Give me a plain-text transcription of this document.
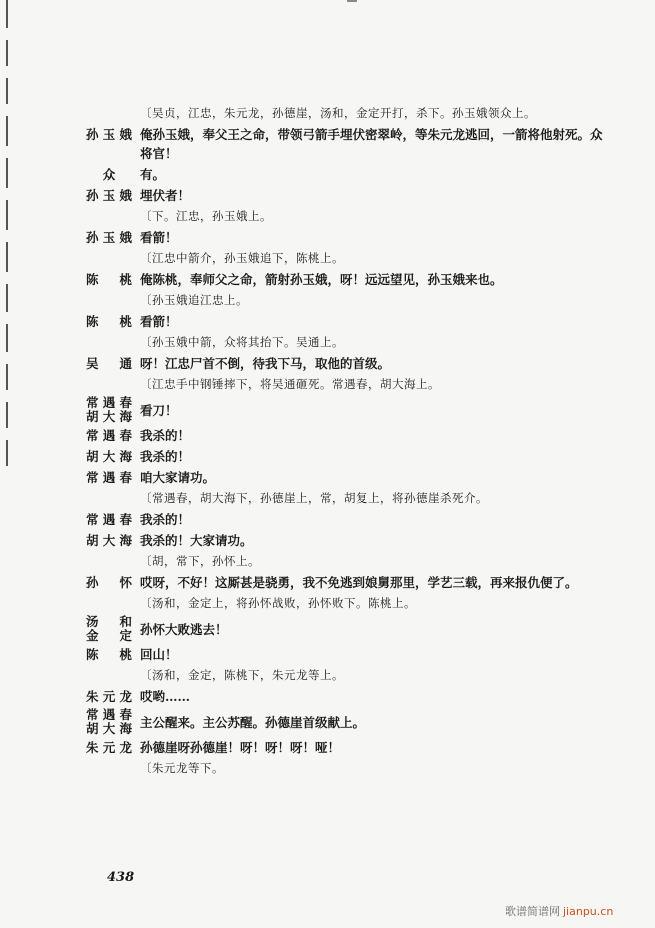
〔吴贞，江忠，朱元龙，孙德崖，汤和，金定开打，杀下。孙玉娥领众上。
孙 玉 娥 俺孙玉娥，奉父王之命，带领弓箭手埋伏密翠岭，等朱元龙逃回，一箭将他射死。众将官！
众 有。
孙 玉 娥 埋伏者！
〔下。江忠，孙玉娥上。
孙 玉 娥 看箭！
〔江忠中箭介，孙玉娥追下，陈桃上。
陈 桃 俺陈桃，奉师父之命，箭射孙玉娥，呀！远远望见，孙玉娥来也。
〔孙玉娥追江忠上。
陈 桃 看箭！
〔孙玉娥中箭，众将其抬下。吴通上。
吴 通 呀！江忠尸首不倒，待我下马，取他的首级。
〔江忠手中钢锤摔下，将吴通砸死。常遇春，胡大海上。
常 遇 春
胡 大 海 看刀！
常 遇 春 我杀的！
胡 大 海 我杀的！
常 遇 春 咱大家请功。
〔常遇春，胡大海下，孙德崖上，常，胡复上，将孙德崖杀死介。
常 遇 春 我杀的！
胡 大 海 我杀的！大家请功。
〔胡，常下，孙怀上。
孙 怀 哎呀，不好！这厮甚是骁勇，我不免逃到娘舅那里，学艺三载，再来报仇便了。
〔汤和，金定上，将孙怀战败，孙怀败下。陈桃上。
汤 和
金 定 孙怀大败逃去！
陈 桃 回山！
〔汤和，金定，陈桃下，朱元龙等上。
朱 元 龙 哎哟……
常 遇 春
胡 大 海 主公醒来。主公苏醒。孙德崖首级献上。
朱 元 龙 孙德崖呀孙德崖！呀！呀！呀！哑！
〔朱元龙等下。
438
歌谱简谱网 jianpu.cn
